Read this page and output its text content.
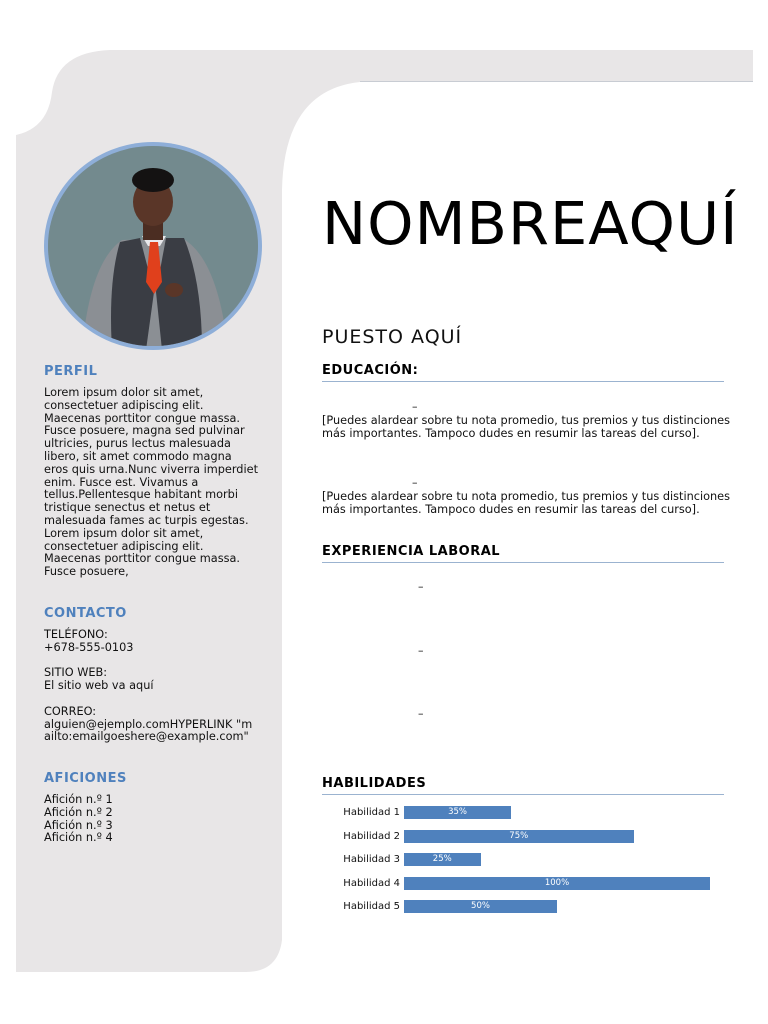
PERFIL
Lorem ipsum dolor sit amet, consectetuer adipiscing elit. Maecenas porttitor congue massa. Fusce posuere, magna sed pulvinar ultricies, purus lectus malesuada libero, sit amet commodo magna eros quis urna.Nunc viverra imperdiet enim. Fusce est. Vivamus a tellus.Pellentesque habitant morbi tristique senectus et netus et malesuada fames ac turpis egestas. Lorem ipsum dolor sit amet, consectetuer adipiscing elit. Maecenas porttitor congue massa. Fusce posuere,
CONTACTO
TELÉFONO:
+678-555-0103
SITIO WEB:
El sitio web va aquí
CORREO:
alguien@ejemplo.comHYPERLINK "mailto:emailgoeshere@example.com"
AFICIONES
Afición n.º 1
Afición n.º 2
Afición n.º 3
Afición n.º 4
NOMBREAQUÍ
PUESTO AQUÍ
EDUCACIÓN:
–
[Puedes alardear sobre tu nota promedio, tus premios y tus distinciones más importantes. Tampoco dudes en resumir las tareas del curso].
–
[Puedes alardear sobre tu nota promedio, tus premios y tus distinciones más importantes. Tampoco dudes en resumir las tareas del curso].
EXPERIENCIA LABORAL
–
–
–
HABILIDADES
Habilidad 1	35%
Habilidad 2	75%
Habilidad 3	25%
Habilidad 4	100%
Habilidad 5	50%
